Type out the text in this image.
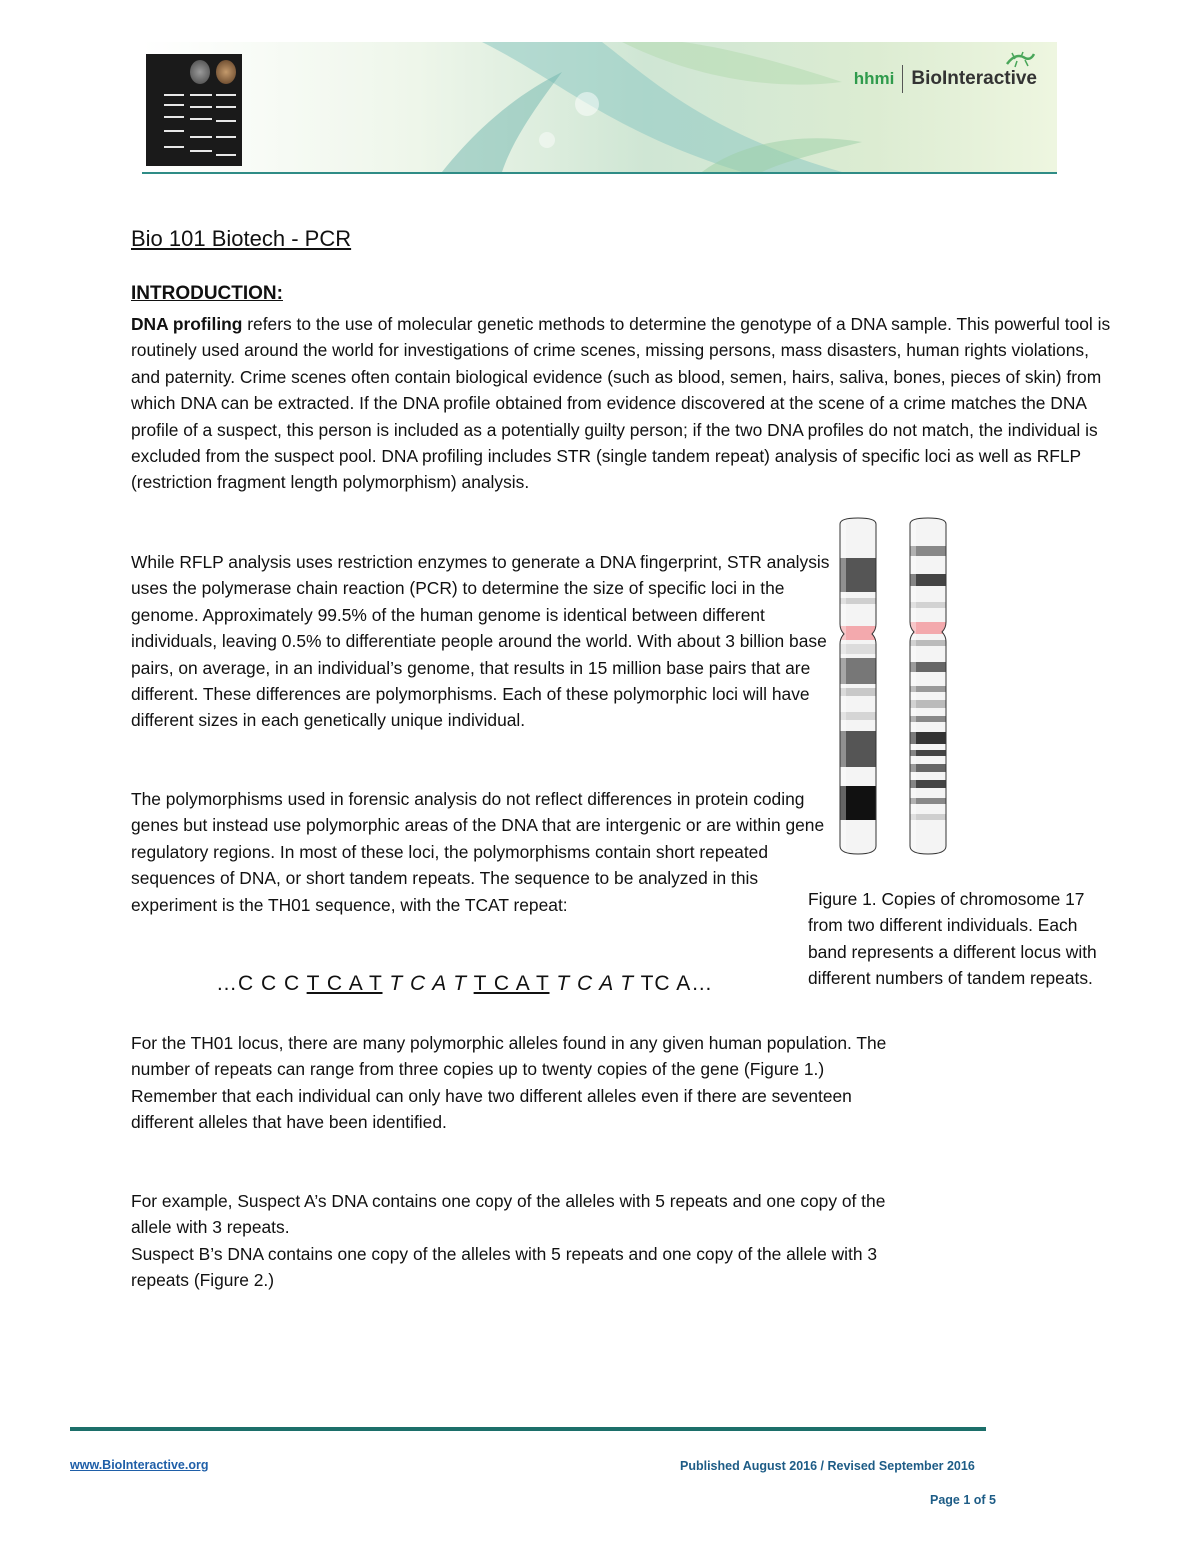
hhmi BioInteractive
Bio 101 Biotech - PCR
INTRODUCTION:

DNA profiling refers to the use of molecular genetic methods to determine the genotype of a DNA sample. This powerful tool is routinely used around the world for investigations of crime scenes, missing persons, mass disasters, human rights violations, and paternity. Crime scenes often contain biological evidence (such as blood, semen, hairs, saliva, bones, pieces of skin) from which DNA can be extracted. If the DNA profile obtained from evidence discovered at the scene of a crime matches the DNA profile of a suspect, this person is included as a potentially guilty person; if the two DNA profiles do not match, the individual is excluded from the suspect pool. DNA profiling includes STR (single tandem repeat) analysis of specific loci as well as RFLP (restriction fragment length polymorphism) analysis.

While RFLP analysis uses restriction enzymes to generate a DNA fingerprint, STR analysis uses the polymerase chain reaction (PCR) to determine the size of specific loci in the genome. Approximately 99.5% of the human genome is identical between different individuals, leaving 0.5% to differentiate people around the world. With about 3 billion base pairs, on average, in an individual’s genome, that results in 15 million base pairs that are different. These differences are polymorphisms. Each of these polymorphic loci will have different sizes in each genetically unique individual.

The polymorphisms used in forensic analysis do not reflect differences in protein coding genes but instead use polymorphic areas of the DNA that are intergenic or are within gene regulatory regions. In most of these loci, the polymorphisms contain short repeated sequences of DNA, or short tandem repeats. The sequence to be analyzed in this experiment is the TH01 sequence, with the TCAT repeat:

…C C C T C A T T C A T T C A T T C A T TC A…

For the TH01 locus, there are many polymorphic alleles found in any given human population. The number of repeats can range from three copies up to twenty copies of the gene (Figure 1.) Remember that each individual can only have two different alleles even if there are seventeen different alleles that have been identified.

For example, Suspect A’s DNA contains one copy of the alleles with 5 repeats and one copy of the allele with 3 repeats.
Suspect B’s DNA contains one copy of the alleles with 5 repeats and one copy of the allele with 3 repeats (Figure 2.)
Figure 1. Copies of chromosome 17 from two different individuals. Each band represents a different locus with different numbers of tandem repeats.
www.BioInteractive.org	Published August 2016 / Revised September 2016
Page 1 of 5
